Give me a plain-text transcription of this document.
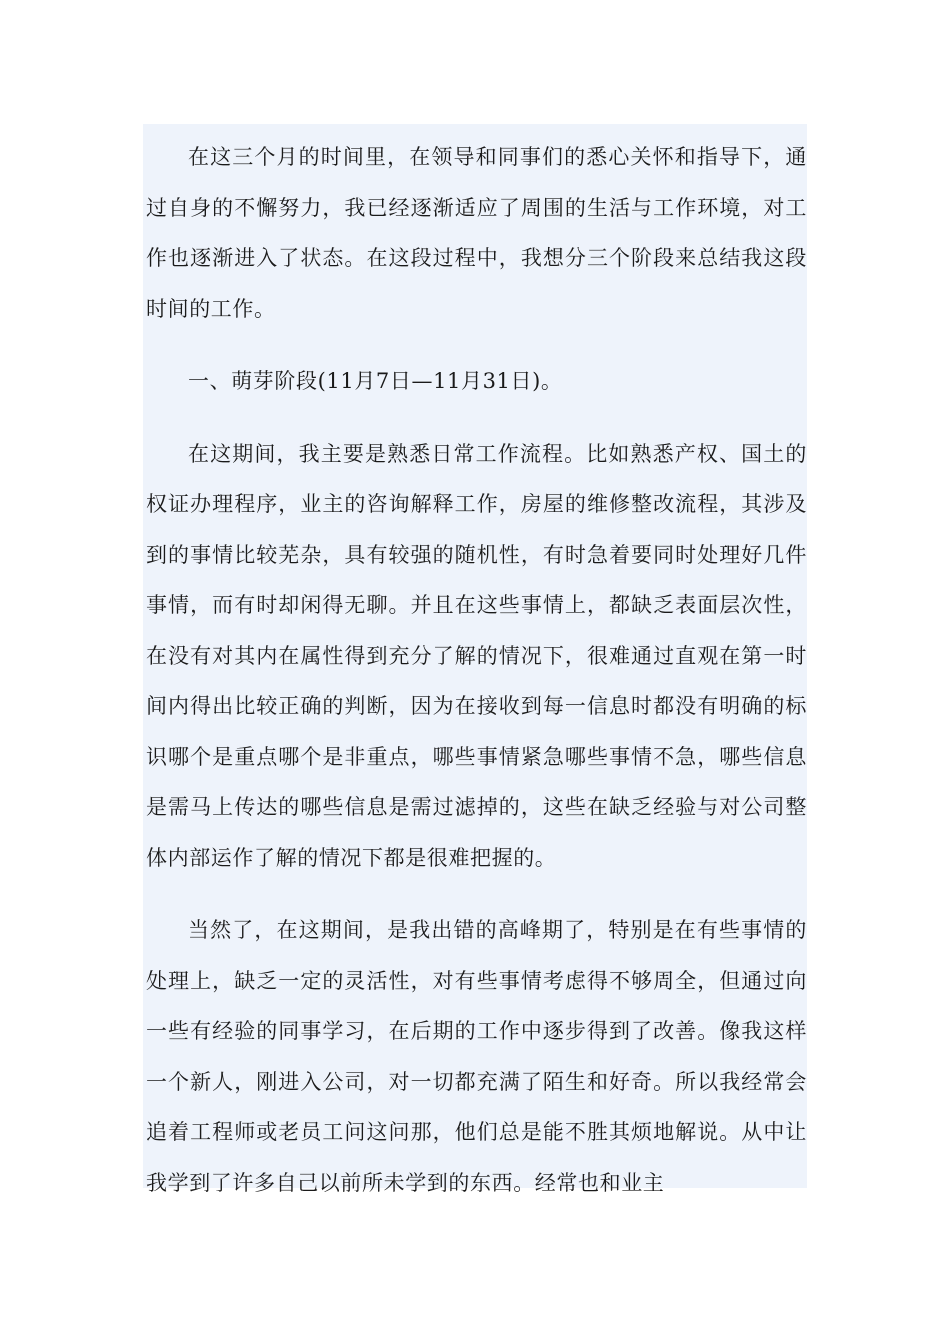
在这三个月的时间里，在领导和同事们的悉心关怀和指导下，通过自身的不懈努力，我已经逐渐适应了周围的生活与工作环境，对工作也逐渐进入了状态。在这段过程中，我想分三个阶段来总结我这段时间的工作。

一、萌芽阶段(11月7日—11月31日)。

在这期间，我主要是熟悉日常工作流程。比如熟悉产权、国土的权证办理程序，业主的咨询解释工作，房屋的维修整改流程，其涉及到的事情比较芜杂，具有较强的随机性，有时急着要同时处理好几件事情，而有时却闲得无聊。并且在这些事情上，都缺乏表面层次性，在没有对其内在属性得到充分了解的情况下，很难通过直观在第一时间内得出比较正确的判断，因为在接收到每一信息时都没有明确的标识哪个是重点哪个是非重点，哪些事情紧急哪些事情不急，哪些信息是需马上传达的哪些信息是需过滤掉的，这些在缺乏经验与对公司整体内部运作了解的情况下都是很难把握的。

当然了，在这期间，是我出错的高峰期了，特别是在有些事情的处理上，缺乏一定的灵活性，对有些事情考虑得不够周全，但通过向一些有经验的同事学习，在后期的工作中逐步得到了改善。像我这样一个新人，刚进入公司，对一切都充满了陌生和好奇。所以我经常会追着工程师或老员工问这问那，他们总是能不胜其烦地解说。从中让我学到了许多自己以前所未学到的东西。经常也和业主
